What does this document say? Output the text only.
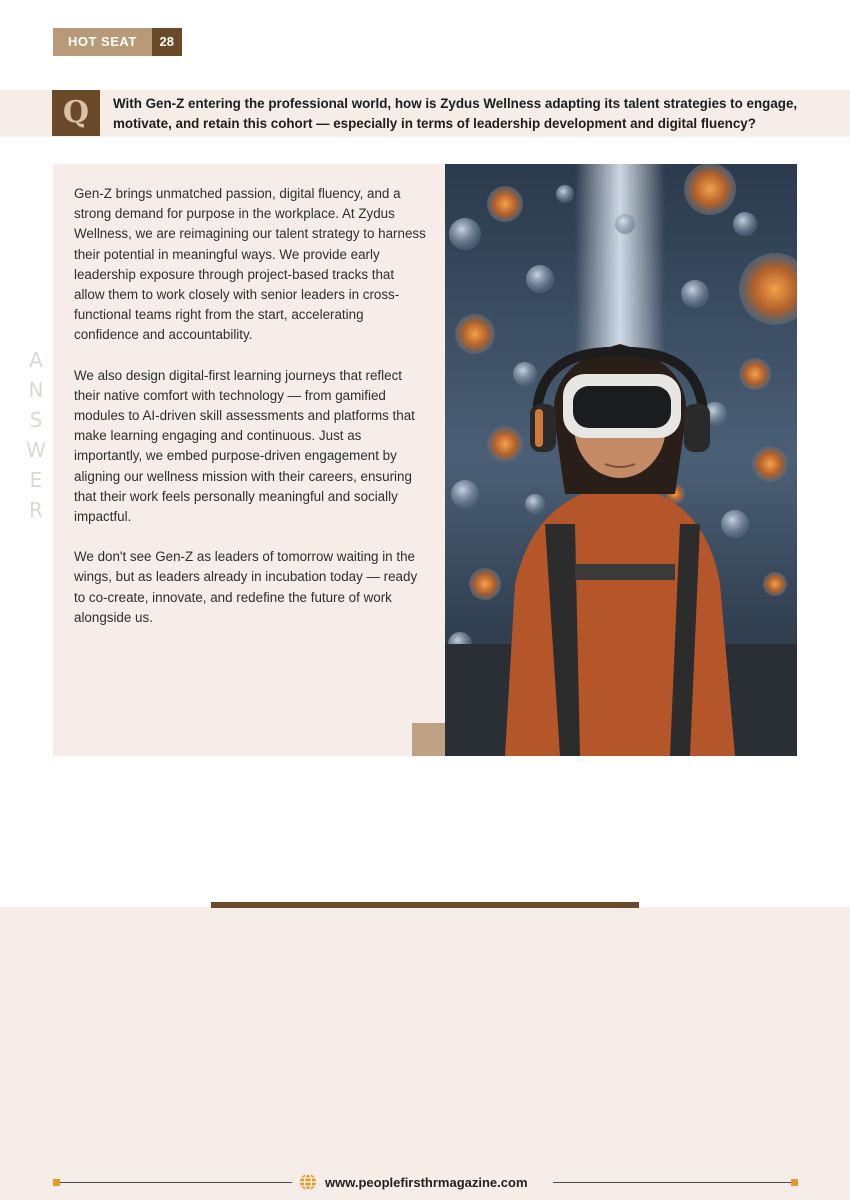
HOT SEAT	28
Q With Gen-Z entering the professional world, how is Zydus Wellness adapting its talent strategies to engage, motivate, and retain this cohort — especially in terms of leadership development and digital fluency?
A
N
S
W
E
R

Gen-Z brings unmatched passion, digital fluency, and a strong demand for purpose in the workplace. At Zydus Wellness, we are reimagining our talent strategy to harness their potential in meaningful ways. We provide early leadership exposure through project-based tracks that allow them to work closely with senior leaders in cross-functional teams right from the start, accelerating confidence and accountability.

We also design digital-first learning journeys that reflect their native comfort with technology — from gamified modules to AI-driven skill assessments and platforms that make learning engaging and continuous. Just as importantly, we embed purpose-driven engagement by aligning our wellness mission with their careers, ensuring that their work feels personally meaningful and socially impactful.

We don't see Gen-Z as leaders of tomorrow waiting in the wings, but as leaders already in incubation today — ready to co-create, innovate, and redefine the future of work alongside us.

www.peoplefirsthrmagazine.com
